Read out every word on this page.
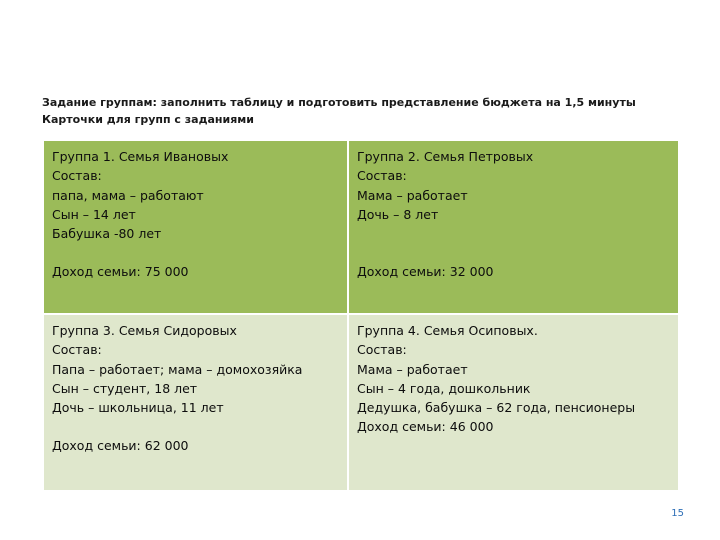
Задание группам: заполнить таблицу и подготовить представление бюджета на 1,5 минуты
Карточки для групп с заданиями
Группа 1. Семья Ивановых
Состав:
папа, мама – работают
Сын – 14 лет
Бабушка -80 лет
Доход семьи: 75 000
Группа 2. Семья Петровых
Состав:
Мама – работает
Дочь – 8 лет
Доход семьи: 32 000
Группа 3. Семья Сидоровых
Состав:
Папа – работает; мама – домохозяйка
Сын – студент, 18 лет
Дочь – школьница, 11 лет
Доход семьи: 62 000
Группа 4. Семья Осиповых.
Состав:
Мама – работает
Сын – 4 года, дошкольник
Дедушка, бабушка – 62 года, пенсионеры
Доход семьи: 46 000
15
